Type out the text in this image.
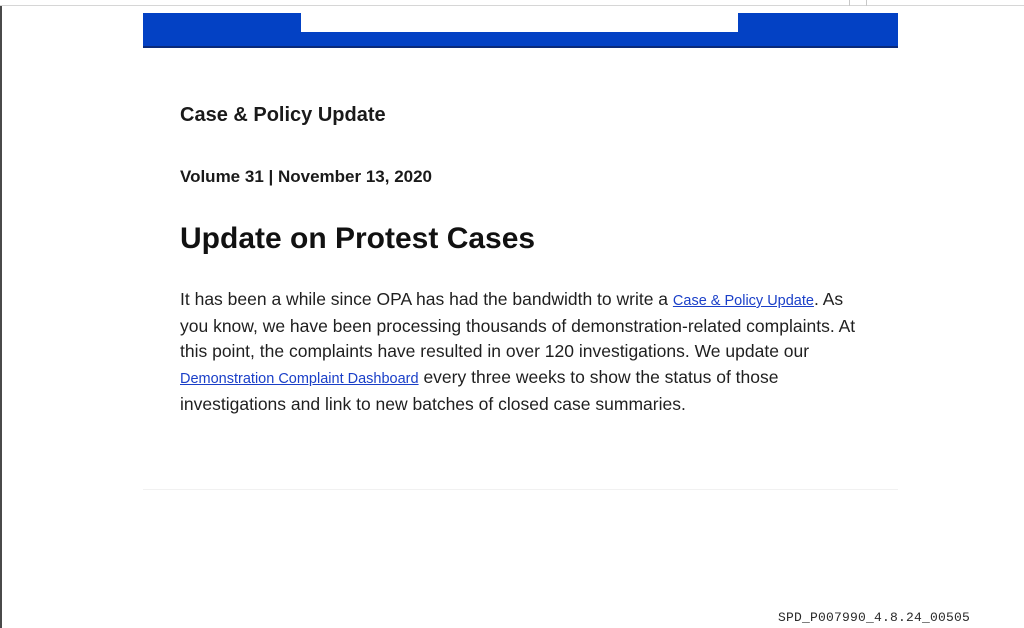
Case & Policy Update
Volume 31 | November 13, 2020
Update on Protest Cases

It has been a while since OPA has had the bandwidth to write a Case & Policy Update. As you know, we have been processing thousands of demonstration-related complaints. At this point, the complaints have resulted in over 120 investigations. We update our Demonstration Complaint Dashboard every three weeks to show the status of those investigations and link to new batches of closed case summaries.

SPD_P007990_4.8.24_00505
